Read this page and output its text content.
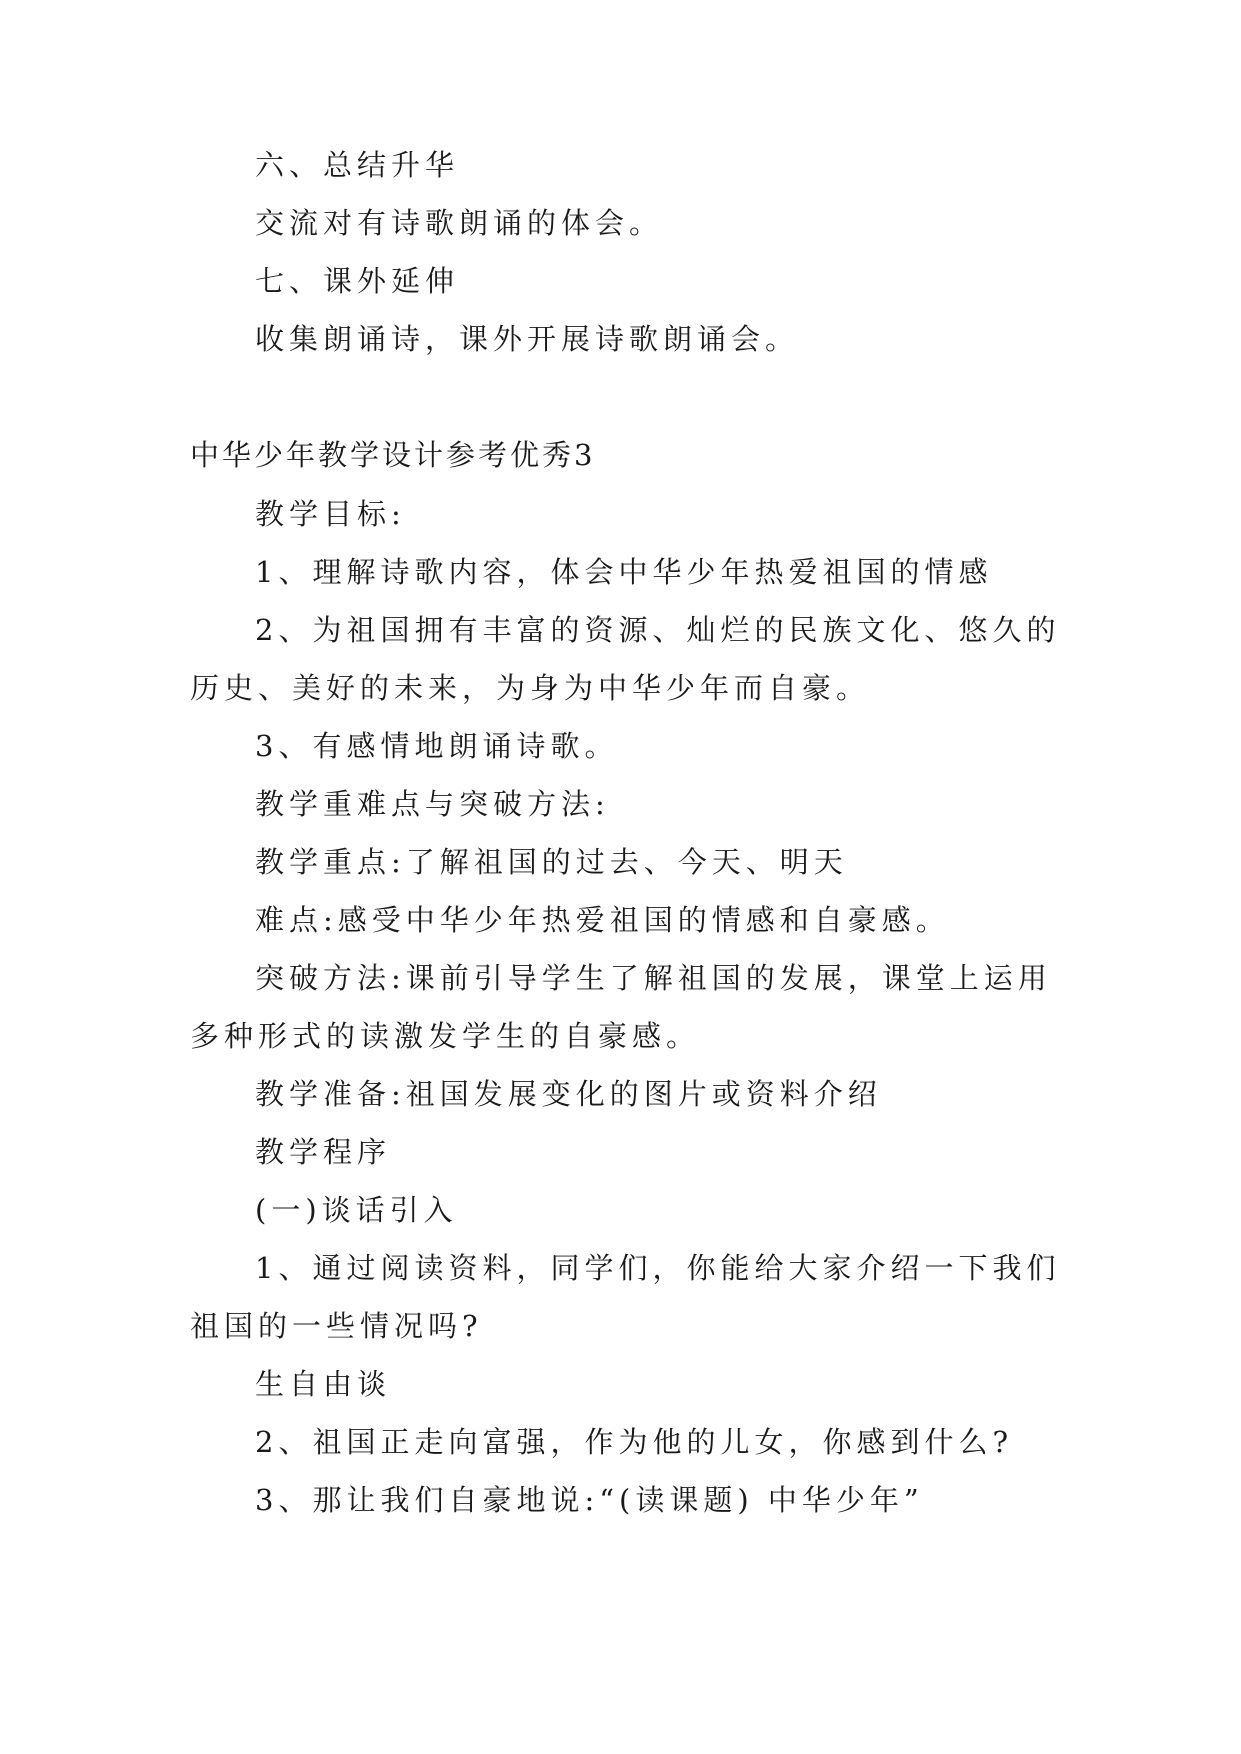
六、总结升华
交流对有诗歌朗诵的体会。
七、课外延伸
收集朗诵诗，课外开展诗歌朗诵会。
中华少年教学设计参考优秀3
教学目标:
1、理解诗歌内容，体会中华少年热爱祖国的情感
2、为祖国拥有丰富的资源、灿烂的民族文化、悠久的
历史、美好的未来，为身为中华少年而自豪。
3、有感情地朗诵诗歌。
教学重难点与突破方法:
教学重点:了解祖国的过去、今天、明天
难点:感受中华少年热爱祖国的情感和自豪感。
突破方法:课前引导学生了解祖国的发展，课堂上运用
多种形式的读激发学生的自豪感。
教学准备:祖国发展变化的图片或资料介绍
教学程序
(一)谈话引入
1、通过阅读资料，同学们，你能给大家介绍一下我们
祖国的一些情况吗?
生自由谈
2、祖国正走向富强，作为他的儿女，你感到什么?
3、那让我们自豪地说:“(读课题) 中华少年”
